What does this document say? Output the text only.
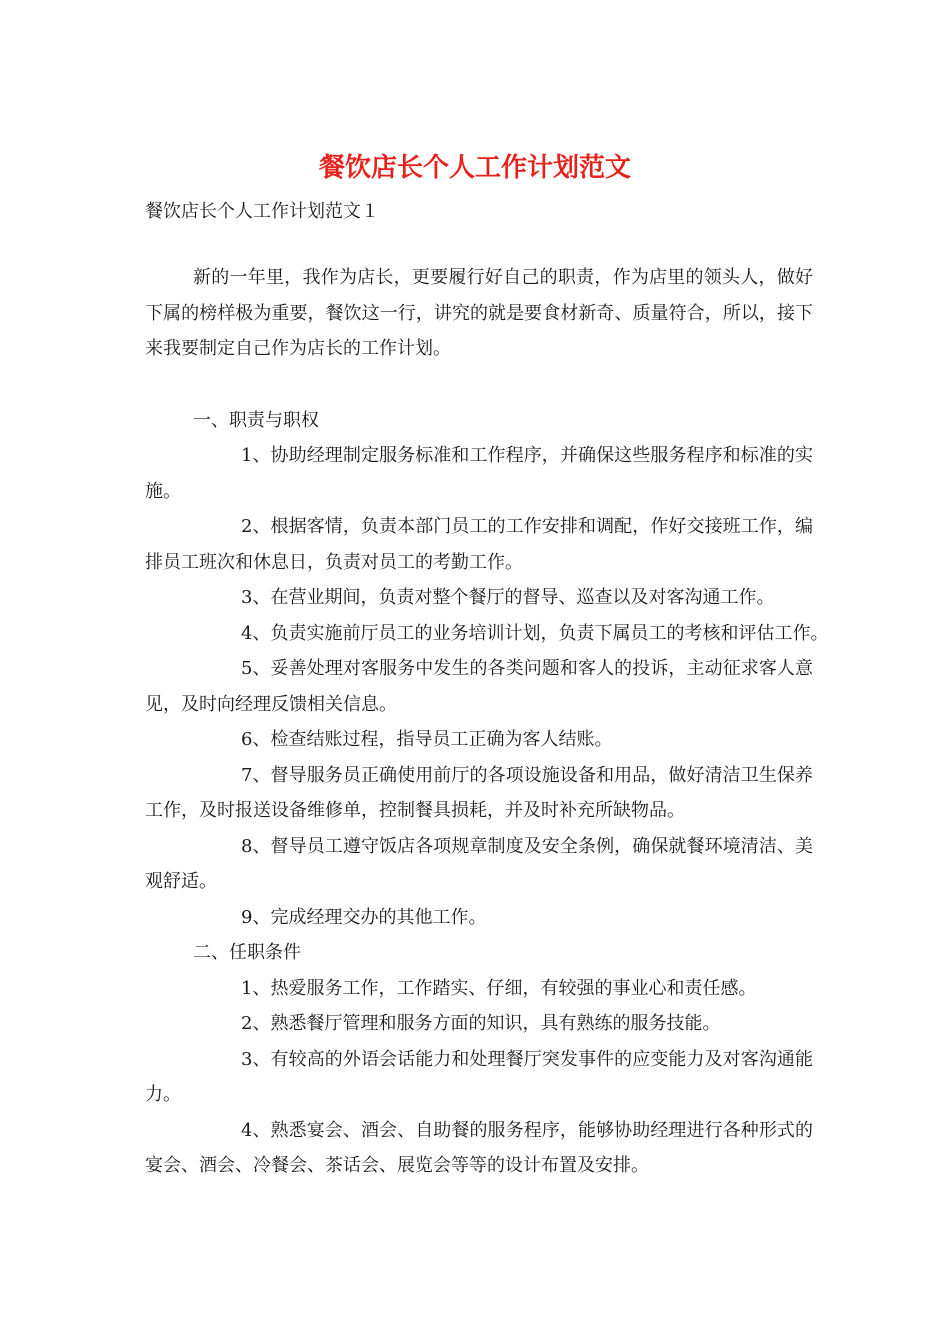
餐饮店长个人工作计划范文
餐饮店长个人工作计划范文１

新的一年里，我作为店长，更要履行好自己的职责，作为店里的领头人，做好下属的榜样极为重要，餐饮这一行，讲究的就是要食材新奇、质量符合，所以，接下来我要制定自己作为店长的工作计划。

一、职责与职权

1、协助经理制定服务标准和工作程序，并确保这些服务程序和标准的实施。

2、根据客情，负责本部门员工的工作安排和调配，作好交接班工作，编排员工班次和休息日，负责对员工的考勤工作。

3、在营业期间，负责对整个餐厅的督导、巡查以及对客沟通工作。

4、负责实施前厅员工的业务培训计划，负责下属员工的考核和评估工作。

5、妥善处理对客服务中发生的各类问题和客人的投诉，主动征求客人意见，及时向经理反馈相关信息。

6、检查结账过程，指导员工正确为客人结账。

7、督导服务员正确使用前厅的各项设施设备和用品，做好清洁卫生保养工作，及时报送设备维修单，控制餐具损耗，并及时补充所缺物品。

8、督导员工遵守饭店各项规章制度及安全条例，确保就餐环境清洁、美观舒适。

9、完成经理交办的其他工作。

二、任职条件

1、热爱服务工作，工作踏实、仔细，有较强的事业心和责任感。

2、熟悉餐厅管理和服务方面的知识，具有熟练的服务技能。

3、有较高的外语会话能力和处理餐厅突发事件的应变能力及对客沟通能力。

4、熟悉宴会、酒会、自助餐的服务程序，能够协助经理进行各种形式的宴会、酒会、冷餐会、茶话会、展览会等等的设计布置及安排。
